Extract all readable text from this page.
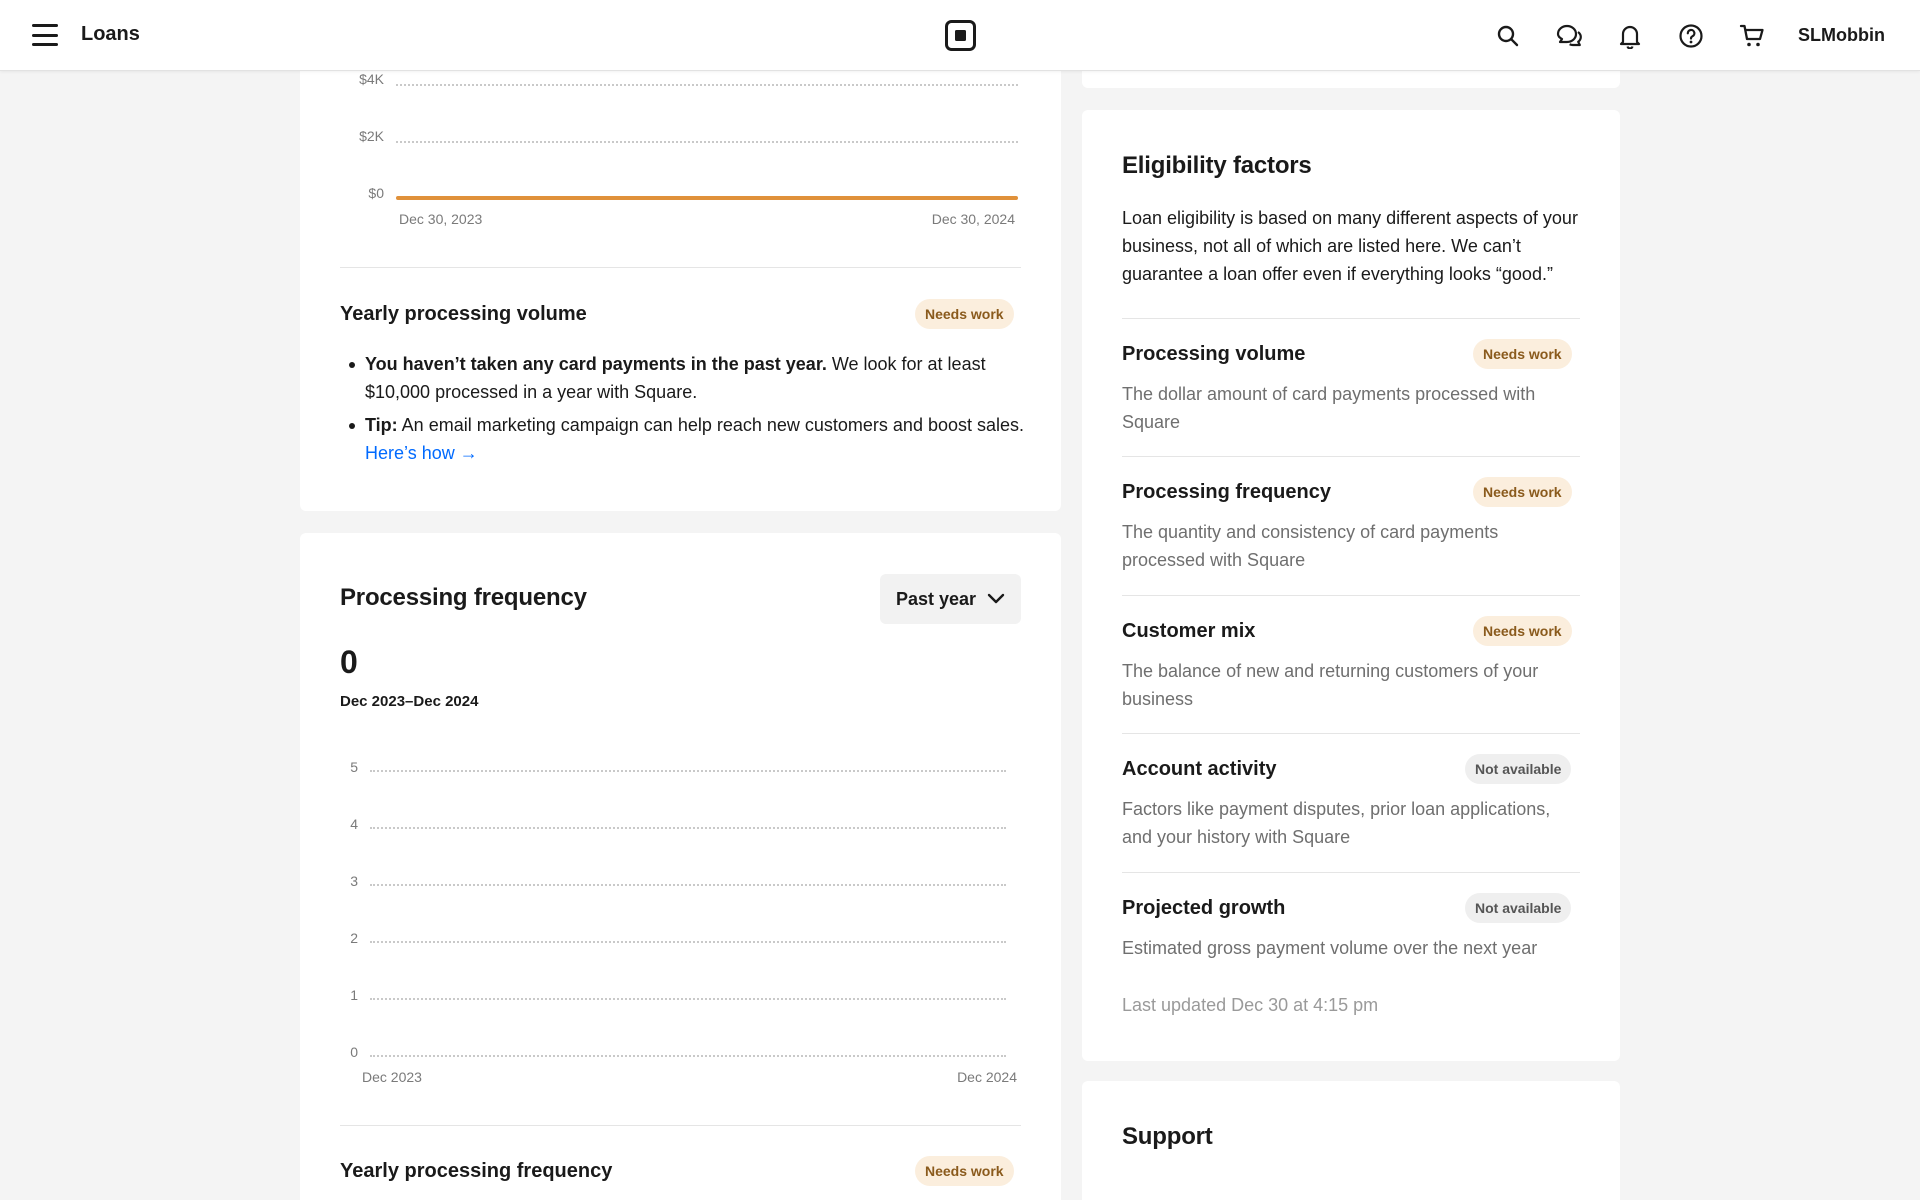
Loans	SLMobbin
$4K
$2K
$0
Dec 30, 2023	Dec 30, 2024
Yearly processing volume	Needs work
You haven’t taken any card payments in the past year. We look for at least $10,000 processed in a year with Square.
Tip: An email marketing campaign can help reach new customers and boost sales. Here’s how →
Processing frequency	Past year
0
Dec 2023–Dec 2024
5
4
3
2
1
0
Dec 2023	Dec 2024
Yearly processing frequency	Needs work
Eligibility factors
Loan eligibility is based on many different aspects of your business, not all of which are listed here. We can’t guarantee a loan offer even if everything looks “good.”
Processing volume	Needs work
The dollar amount of card payments processed with Square
Processing frequency	Needs work
The quantity and consistency of card payments processed with Square
Customer mix	Needs work
The balance of new and returning customers of your business
Account activity	Not available
Factors like payment disputes, prior loan applications, and your history with Square
Projected growth	Not available
Estimated gross payment volume over the next year
Last updated Dec 30 at 4:15 pm
Support
